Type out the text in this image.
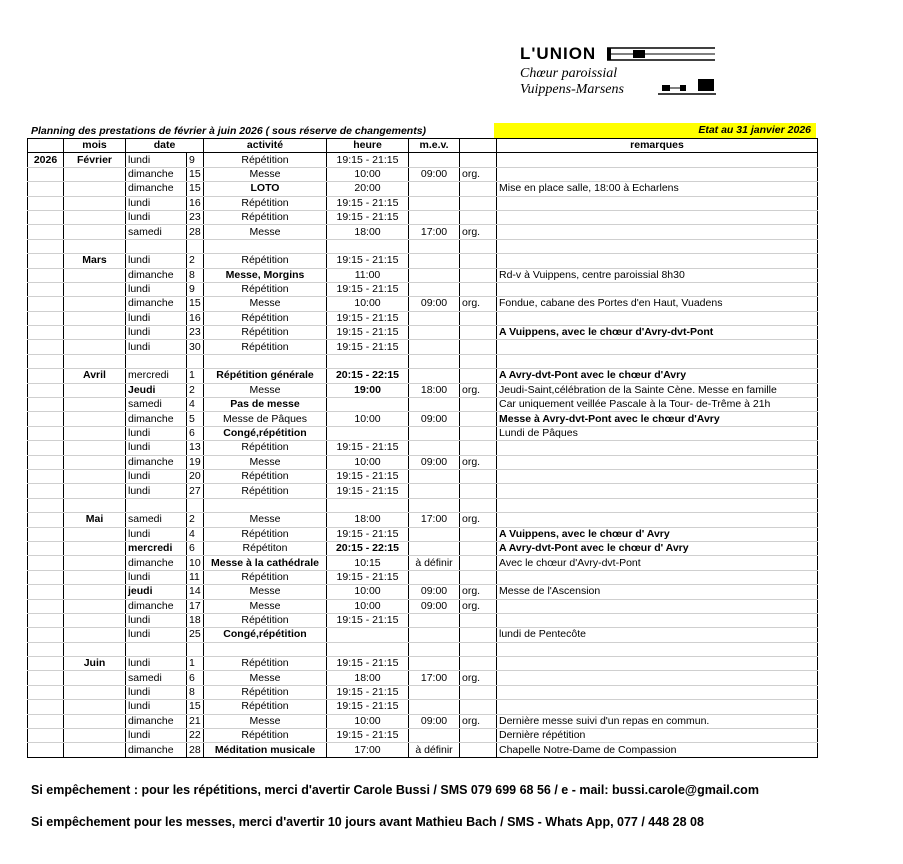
L'UNION
Chœur paroissial
Vuippens-Marsens
Planning des prestations de février à juin 2026 ( sous réserve de changements)	Etat au 31 janvier 2026
	mois	date		activité	heure	m.e.v.		remarques
2026	Février	lundi	9	Répétition	19:15 - 21:15			
		dimanche	15	Messe	10:00	09:00	org.	
		dimanche	15	LOTO	20:00			Mise en place salle, 18:00 à Echarlens
		lundi	16	Répétition	19:15 - 21:15			
		lundi	23	Répétition	19:15 - 21:15			
		samedi	28	Messe	18:00	17:00	org.	

	Mars	lundi	2	Répétition	19:15 - 21:15			
		dimanche	8	Messe, Morgins	11:00			Rd-v à Vuippens, centre paroissial 8h30
		lundi	9	Répétition	19:15 - 21:15			
		dimanche	15	Messe	10:00	09:00	org.	Fondue, cabane des Portes d'en Haut, Vuadens
		lundi	16	Répétition	19:15 - 21:15			
		lundi	23	Répétition	19:15 - 21:15			A Vuippens, avec le chœur d'Avry-dvt-Pont
		lundi	30	Répétition	19:15 - 21:15			

	Avril	mercredi	1	Répétition générale	20:15 - 22:15			A Avry-dvt-Pont avec le chœur d'Avry
		Jeudi	2	Messe	19:00	18:00	org.	Jeudi-Saint,célébration de la Sainte Cène. Messe en famille
		samedi	4	Pas de messe				Car uniquement veillée Pascale à la Tour- de-Trême à 21h
		dimanche	5	Messe de Pâques	10:00	09:00		Messe à Avry-dvt-Pont avec le chœur d'Avry
		lundi	6	Congé,répétition				Lundi de Pâques
		lundi	13	Répétition	19:15 - 21:15			
		dimanche	19	Messe	10:00	09:00	org.	
		lundi	20	Répétition	19:15 - 21:15			
		lundi	27	Répétition	19:15 - 21:15			

	Mai	samedi	2	Messe	18:00	17:00	org.	
		lundi	4	Répétition	19:15 - 21:15			A Vuippens, avec le chœur d' Avry
		mercredi	6	Répétiton	20:15 - 22:15			A Avry-dvt-Pont avec le chœur d' Avry
		dimanche	10	Messe à la cathédrale	10:15	à définir		Avec le chœur d'Avry-dvt-Pont
		lundi	11	Répétition	19:15 - 21:15			
		jeudi	14	Messe	10:00	09:00	org.	Messe de l'Ascension
		dimanche	17	Messe	10:00	09:00	org.	
		lundi	18	Répétition	19:15 - 21:15			
		lundi	25	Congé,répétition				lundi de Pentecôte

	Juin	lundi	1	Répétition	19:15 - 21:15			
		samedi	6	Messe	18:00	17:00	org.	
		lundi	8	Répétition	19:15 - 21:15			
		lundi	15	Répétition	19:15 - 21:15			
		dimanche	21	Messe	10:00	09:00	org.	Dernière messe suivi d'un repas en commun.
		lundi	22	Répétition	19:15 - 21:15			Dernière répétition
		dimanche	28	Méditation musicale	17:00	à définir		Chapelle Notre-Dame de Compassion
Si empêchement : pour les répétitions, merci d'avertir Carole Bussi / SMS 079 699 68 56 / e - mail: bussi.carole@gmail.com
Si empêchement pour les messes, merci d'avertir 10 jours avant Mathieu Bach / SMS - Whats App, 077 / 448 28 08
